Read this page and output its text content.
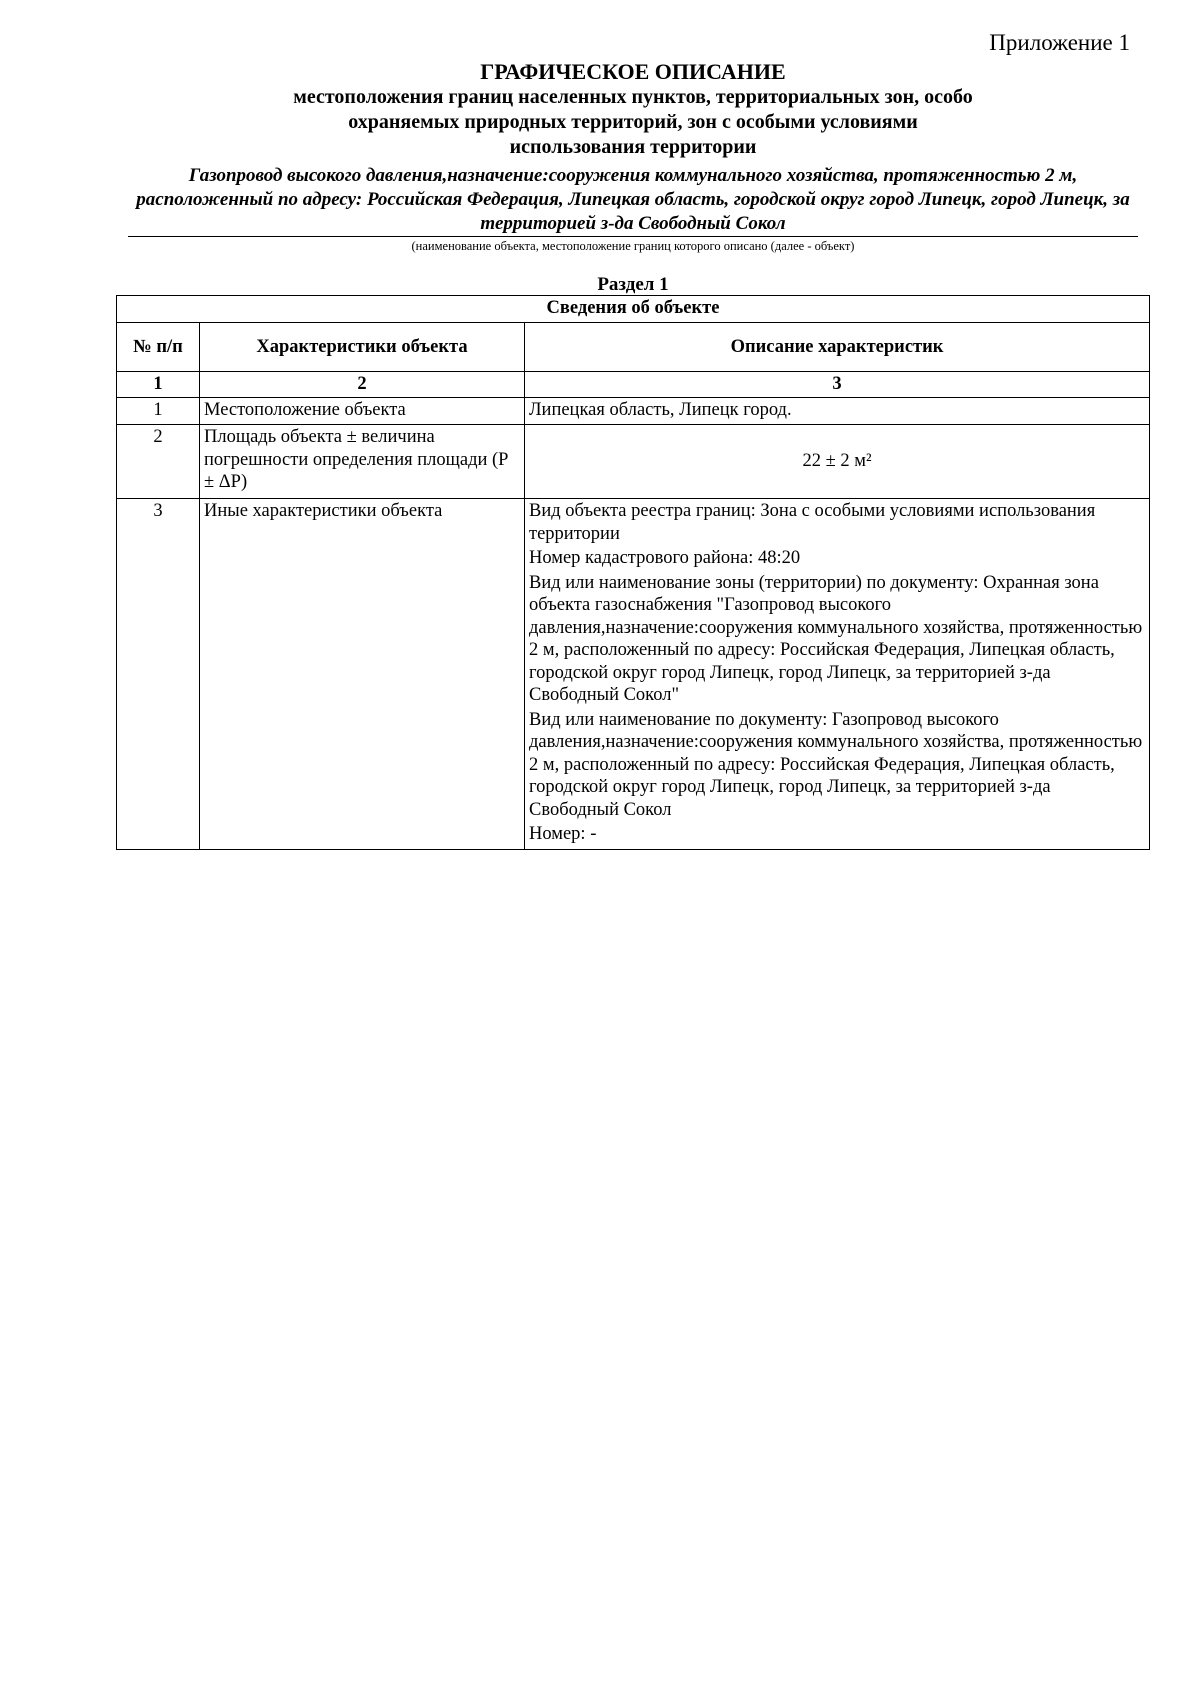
Приложение 1
ГРАФИЧЕСКОЕ ОПИСАНИЕ
местоположения границ населенных пунктов, территориальных зон, особо охраняемых природных территорий, зон с особыми условиями использования территории
Газопровод высокого давления,назначение:сооружения коммунального хозяйства, протяженностью 2 м, расположенный по адресу: Российская Федерация, Липецкая область, городской округ город Липецк, город Липецк, за территорией з-да Свободный Сокол
(наименование объекта, местоположение границ которого описано (далее - объект)
Раздел 1
Сведения об объекте		
№ п/п	Характеристики объекта	Описание характеристик
1	2	3
1	Местоположение объекта	Липецкая область, Липецк город.

2	Площадь объекта ± величина погрешности определения площади (P ± ΔP)	22 ± 2 м²

3	Иные характеристики объекта	Вид объекта реестра границ: Зона с особыми условиями использования территории
Номер кадастрового района: 48:20
Вид или наименование зоны (территории) по документу: Охранная зона объекта газоснабжения "Газопровод высокого давления,назначение:сооружения коммунального хозяйства, протяженностью 2 м, расположенный по адресу: Российская Федерация, Липецкая область, городской округ город Липецк, город Липецк, за территорией з-да Свободный Сокол"
Вид или наименование по документу: Газопровод высокого давления,назначение:сооружения коммунального хозяйства, протяженностью 2 м, расположенный по адресу: Российская Федерация, Липецкая область, городской округ город Липецк, город Липецк, за территорией з-да Свободный Сокол
Номер: -
